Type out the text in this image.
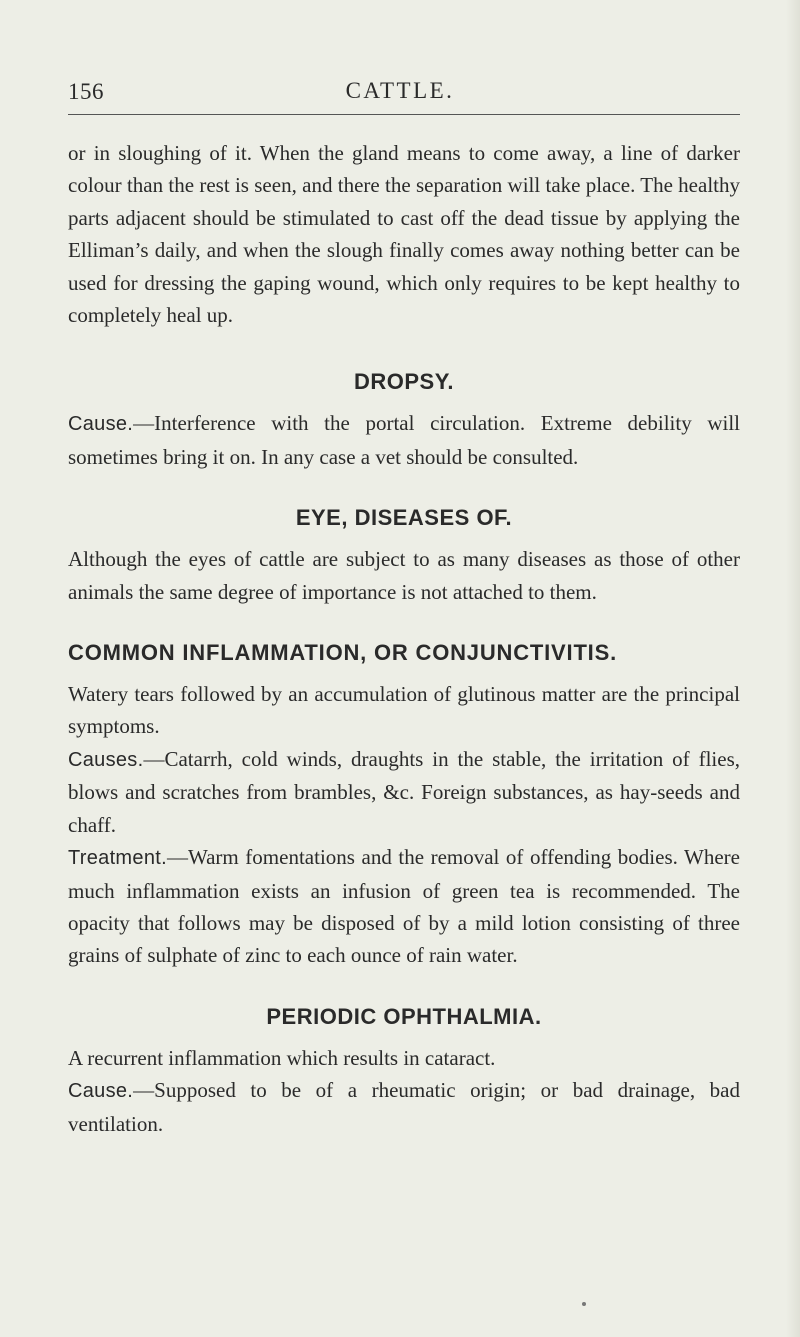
156	CATTLE.

or in sloughing of it. When the gland means to come away, a line of darker colour than the rest is seen, and there the separation will take place. The healthy parts adjacent should be stimulated to cast off the dead tissue by applying the Elliman’s daily, and when the slough finally comes away nothing better can be used for dressing the gaping wound, which only requires to be kept healthy to completely heal up.

DROPSY.

Cause.—Interference with the portal circulation. Extreme debility will sometimes bring it on. In any case a vet should be consulted.

EYE, DISEASES OF.

Although the eyes of cattle are subject to as many diseases as those of other animals the same degree of importance is not attached to them.

COMMON INFLAMMATION, OR CONJUNCTIVITIS.

Watery tears followed by an accumulation of glutinous matter are the principal symptoms.

Causes.—Catarrh, cold winds, draughts in the stable, the irritation of flies, blows and scratches from brambles, &c. Foreign substances, as hay-seeds and chaff.

Treatment.—Warm fomentations and the removal of offending bodies. Where much inflammation exists an infusion of green tea is recommended. The opacity that follows may be disposed of by a mild lotion consisting of three grains of sulphate of zinc to each ounce of rain water.

PERIODIC OPHTHALMIA.

A recurrent inflammation which results in cataract.

Cause.—Supposed to be of a rheumatic origin; or bad drainage, bad ventilation.
